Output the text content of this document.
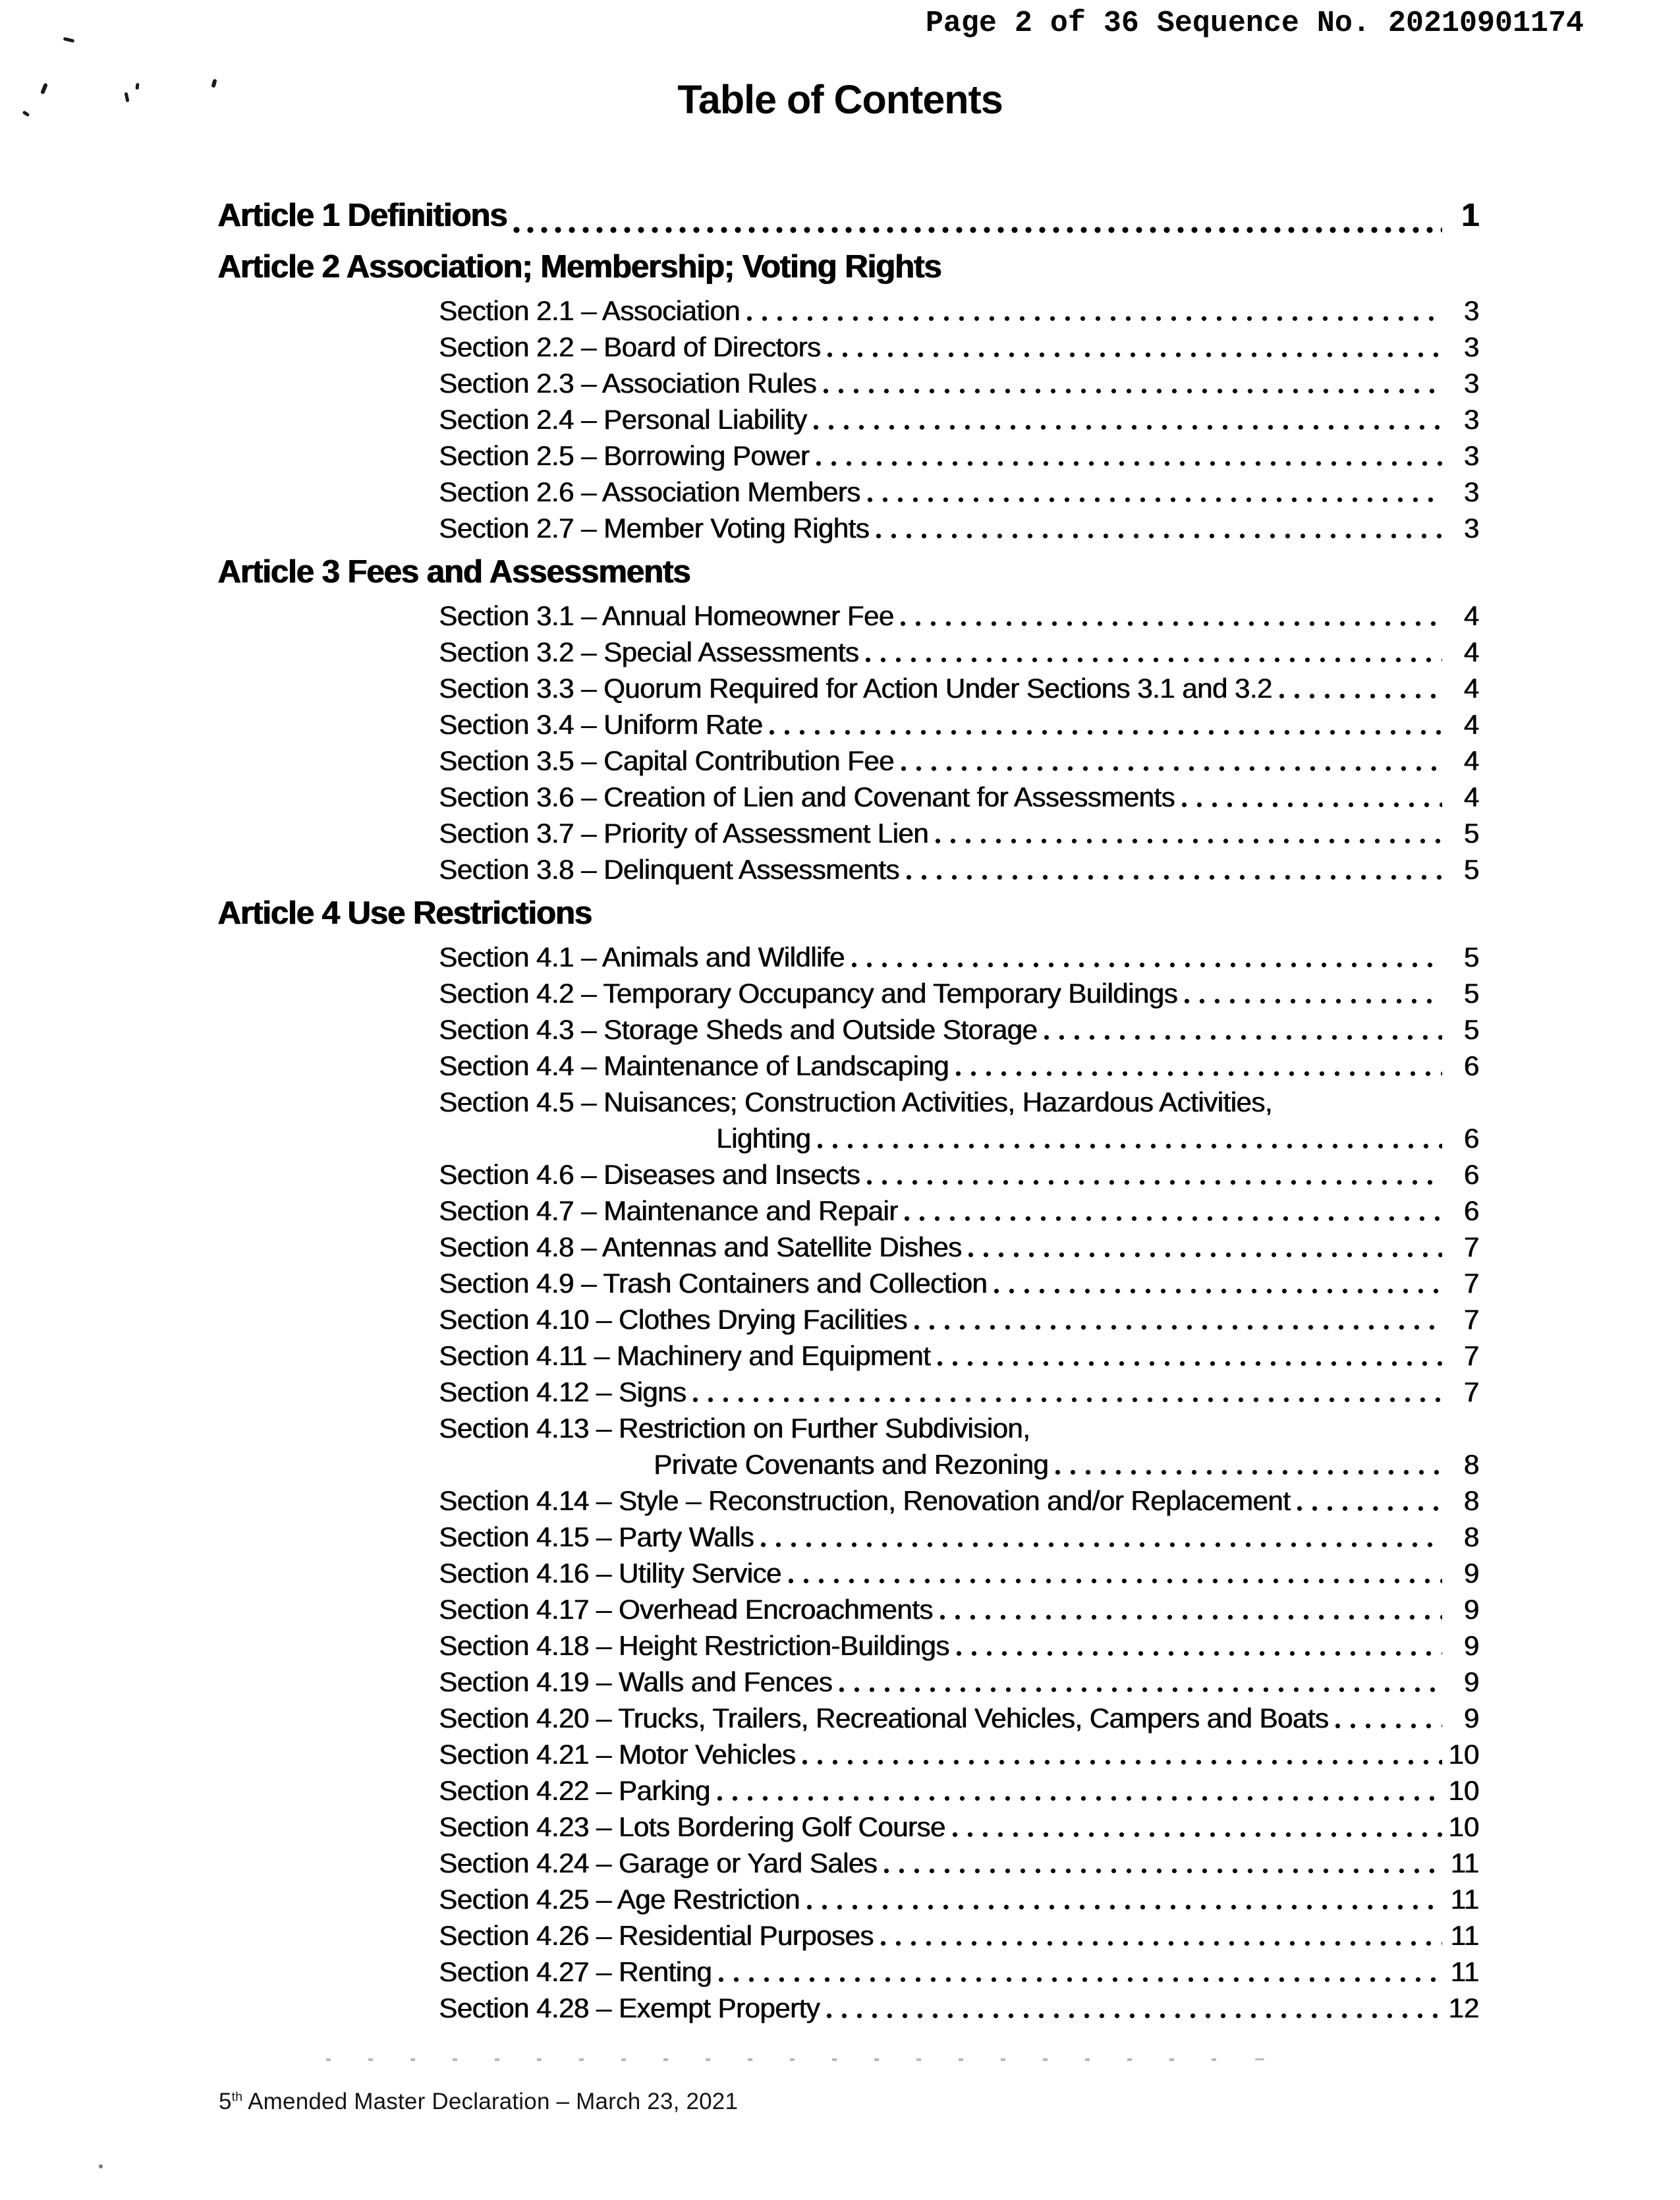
Page 2 of 36 Sequence No. 20210901174
Table of Contents
Article 1 Definitions	1
Article 2 Association; Membership; Voting Rights
Section 2.1 – Association	3
Section 2.2 – Board of Directors	3
Section 2.3 – Association Rules	3
Section 2.4 – Personal Liability	3
Section 2.5 – Borrowing Power	3
Section 2.6 – Association Members	3
Section 2.7 – Member Voting Rights	3
Article 3 Fees and Assessments
Section 3.1 – Annual Homeowner Fee	4
Section 3.2 – Special Assessments	4
Section 3.3 – Quorum Required for Action Under Sections 3.1 and 3.2	4
Section 3.4 – Uniform Rate	4
Section 3.5 – Capital Contribution Fee	4
Section 3.6 – Creation of Lien and Covenant for Assessments	4
Section 3.7 – Priority of Assessment Lien	5
Section 3.8 – Delinquent Assessments	5
Article 4 Use Restrictions
Section 4.1 – Animals and Wildlife	5
Section 4.2 – Temporary Occupancy and Temporary Buildings	5
Section 4.3 – Storage Sheds and Outside Storage	5
Section 4.4 – Maintenance of Landscaping	6
Section 4.5 – Nuisances; Construction Activities, Hazardous Activities,
Lighting	6
Section 4.6 – Diseases and Insects	6
Section 4.7 – Maintenance and Repair	6
Section 4.8 – Antennas and Satellite Dishes	7
Section 4.9 – Trash Containers and Collection	7
Section 4.10 – Clothes Drying Facilities	7
Section 4.11 – Machinery and Equipment	7
Section 4.12 – Signs	7
Section 4.13 – Restriction on Further Subdivision,
Private Covenants and Rezoning	8
Section 4.14 – Style – Reconstruction, Renovation and/or Replacement	8
Section 4.15 – Party Walls	8
Section 4.16 – Utility Service	9
Section 4.17 – Overhead Encroachments	9
Section 4.18 – Height Restriction-Buildings	9
Section 4.19 – Walls and Fences	9
Section 4.20 – Trucks, Trailers, Recreational Vehicles, Campers and Boats	9
Section 4.21 – Motor Vehicles	10
Section 4.22 – Parking	10
Section 4.23 – Lots Bordering Golf Course	10
Section 4.24 – Garage or Yard Sales	11
Section 4.25 – Age Restriction	11
Section 4.26 – Residential Purposes	11
Section 4.27 – Renting	11
Section 4.28 – Exempt Property	12
5th Amended Master Declaration – March 23, 2021
